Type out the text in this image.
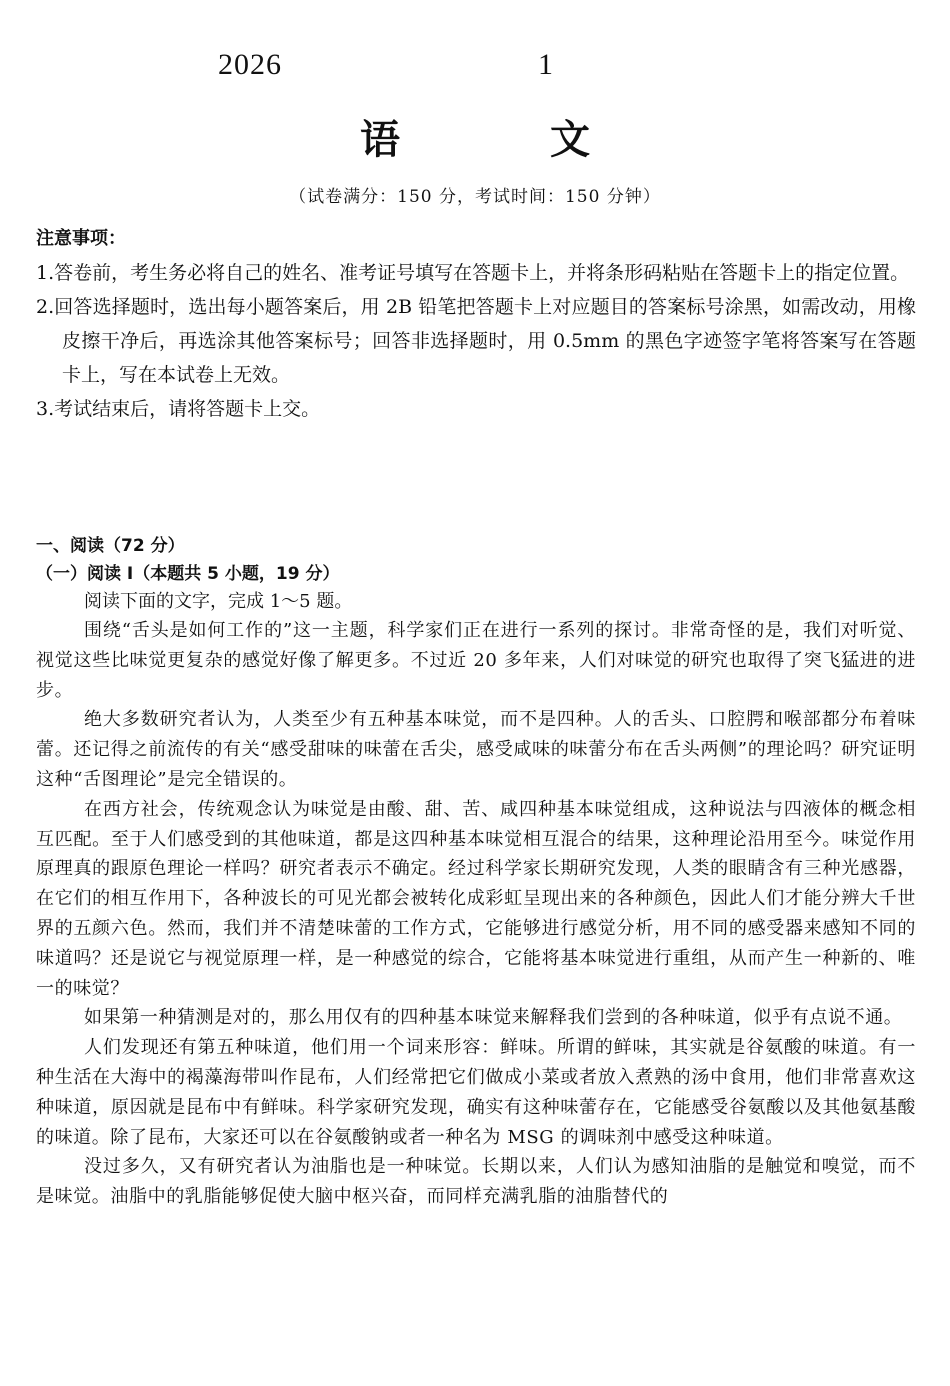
2026	1
语 文
（试卷满分：150 分，考试时间：150 分钟）
注意事项：
1.答卷前，考生务必将自己的姓名、准考证号填写在答题卡上，并将条形码粘贴在答题卡上的指定位置。
2.回答选择题时，选出每小题答案后，用 2B 铅笔把答题卡上对应题目的答案标号涂黑，如需改动，用橡皮擦干净后，再选涂其他答案标号；回答非选择题时，用 0.5mm 的黑色字迹签字笔将答案写在答题卡上，写在本试卷上无效。
3.考试结束后，请将答题卡上交。
一、阅读（72 分）
（一）阅读 Ⅰ（本题共 5 小题，19 分）
阅读下面的文字，完成 1～5 题。
围绕“舌头是如何工作的”这一主题，科学家们正在进行一系列的探讨。非常奇怪的是，我们对听觉、视觉这些比味觉更复杂的感觉好像了解更多。不过近 20 多年来，人们对味觉的研究也取得了突飞猛进的进步。
绝大多数研究者认为，人类至少有五种基本味觉，而不是四种。人的舌头、口腔腭和喉部都分布着味蕾。还记得之前流传的有关“感受甜味的味蕾在舌尖，感受咸味的味蕾分布在舌头两侧”的理论吗？研究证明这种“舌图理论”是完全错误的。
在西方社会，传统观念认为味觉是由酸、甜、苦、咸四种基本味觉组成，这种说法与四液体的概念相互匹配。至于人们感受到的其他味道，都是这四种基本味觉相互混合的结果，这种理论沿用至今。味觉作用原理真的跟原色理论一样吗？研究者表示不确定。经过科学家长期研究发现，人类的眼睛含有三种光感器，在它们的相互作用下，各种波长的可见光都会被转化成彩虹呈现出来的各种颜色，因此人们才能分辨大千世界的五颜六色。然而，我们并不清楚味蕾的工作方式，它能够进行感觉分析，用不同的感受器来感知不同的味道吗？还是说它与视觉原理一样，是一种感觉的综合，它能将基本味觉进行重组，从而产生一种新的、唯一的味觉？
如果第一种猜测是对的，那么用仅有的四种基本味觉来解释我们尝到的各种味道，似乎有点说不通。
人们发现还有第五种味道，他们用一个词来形容：鲜味。所谓的鲜味，其实就是谷氨酸的味道。有一种生活在大海中的褐藻海带叫作昆布，人们经常把它们做成小菜或者放入煮熟的汤中食用，他们非常喜欢这种味道，原因就是昆布中有鲜味。科学家研究发现，确实有这种味蕾存在，它能感受谷氨酸以及其他氨基酸的味道。除了昆布，大家还可以在谷氨酸钠或者一种名为 MSG 的调味剂中感受这种味道。
没过多久，又有研究者认为油脂也是一种味觉。长期以来，人们认为感知油脂的是触觉和嗅觉，而不是味觉。油脂中的乳脂能够促使大脑中枢兴奋，而同样充满乳脂的油脂替代的
